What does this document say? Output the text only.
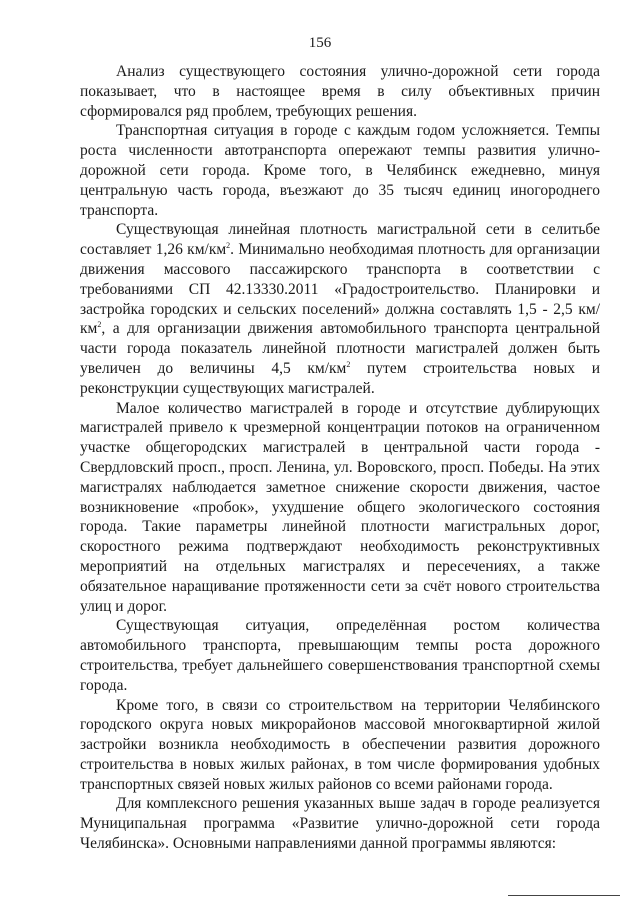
156

Анализ существующего состояния улично-дорожной сети города показывает, что в настоящее время в силу объективных причин сформировался ряд проблем, требующих решения.

Транспортная ситуация в городе с каждым годом усложняется. Темпы роста численности автотранспорта опережают темпы развития улично-дорожной сети города. Кроме того, в Челябинск ежедневно, минуя центральную часть города, въезжают до 35 тысяч единиц иногороднего транспорта.

Существующая линейная плотность магистральной сети в селитьбе составляет 1,26 $км/км^2$. Минимально необходимая плотность для организации движения массового пассажирского транспорта в соответствии с требованиями СП 42.13330.2011 «Градостроительство. Планировки и застройка городских и сельских поселений» должна составлять 1,5 - 2,5 $км/км^2$, а для организации движения автомобильного транспорта центральной части города показатель линейной плотности магистралей должен быть увеличен до величины 4,5 $км/км^2$ путем строительства новых и реконструкции существующих магистралей.

Малое количество магистралей в городе и отсутствие дублирующих магистралей привело к чрезмерной концентрации потоков на ограниченном участке общегородских магистралей в центральной части города - Свердловский просп., просп. Ленина, ул. Воровского, просп. Победы. На этих магистралях наблюдается заметное снижение скорости движения, частое возникновение «пробок», ухудшение общего экологического состояния города. Такие параметры линейной плотности магистральных дорог, скоростного режима подтверждают необходимость реконструктивных мероприятий на отдельных магистралях и пересечениях, а также обязательное наращивание протяженности сети за счёт нового строительства улиц и дорог.

Существующая ситуация, определённая ростом количества автомобильного транспорта, превышающим темпы роста дорожного строительства, требует дальнейшего совершенствования транспортной схемы города.

Кроме того, в связи со строительством на территории Челябинского городского округа новых микрорайонов массовой многоквартирной жилой застройки возникла необходимость в обеспечении развития дорожного строительства в новых жилых районах, в том числе формирования удобных транспортных связей новых жилых районов со всеми районами города.

Для комплексного решения указанных выше задач в городе реализуется Муниципальная программа «Развитие улично-дорожной сети города Челябинска». Основными направлениями данной программы являются:
